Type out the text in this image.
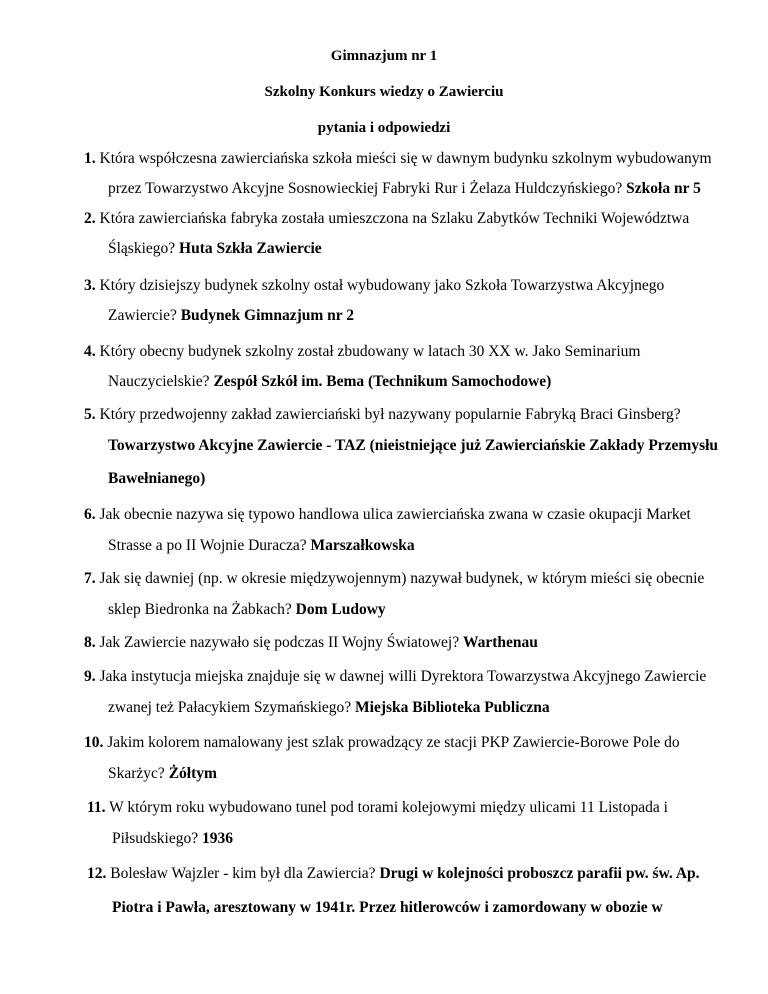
Gimnazjum nr 1
Szkolny Konkurs wiedzy o Zawierciu
pytania i odpowiedzi
1. Która współczesna zawierciańska szkoła mieści się w dawnym budynku szkolnym wybudowanym
przez Towarzystwo Akcyjne Sosnowieckiej Fabryki Rur i Żelaza Huldczyńskiego? Szkoła nr 5
2. Która zawierciańska fabryka została umieszczona na Szlaku Zabytków Techniki Województwa
Śląskiego? Huta Szkła Zawiercie
3. Który dzisiejszy budynek szkolny ostał wybudowany jako Szkoła Towarzystwa Akcyjnego
Zawiercie? Budynek Gimnazjum nr 2
4. Który obecny budynek szkolny został zbudowany w latach 30 XX w. Jako Seminarium
Nauczycielskie? Zespół Szkół im. Bema (Technikum Samochodowe)
5. Który przedwojenny zakład zawierciański był nazywany popularnie Fabryką Braci Ginsberg?
Towarzystwo Akcyjne Zawiercie - TAZ (nieistniejące już Zawierciańskie Zakłady Przemysłu
Bawełnianego)
6. Jak obecnie nazywa się typowo handlowa ulica zawierciańska zwana w czasie okupacji Market
Strasse a po II Wojnie Duracza? Marszałkowska
7. Jak się dawniej (np. w okresie międzywojennym) nazywał budynek, w którym mieści się obecnie
sklep Biedronka na Żabkach? Dom Ludowy
8. Jak Zawiercie nazywało się podczas II Wojny Światowej? Warthenau
9. Jaka instytucja miejska znajduje się w dawnej willi Dyrektora Towarzystwa Akcyjnego Zawiercie
zwanej też Pałacykiem Szymańskiego? Miejska Biblioteka Publiczna
10. Jakim kolorem namalowany jest szlak prowadzący ze stacji PKP Zawiercie-Borowe Pole do
Skarżyc? Żółtym
11. W którym roku wybudowano tunel pod torami kolejowymi między ulicami 11 Listopada i
Piłsudskiego? 1936
12. Bolesław Wajzler - kim był dla Zawiercia? Drugi w kolejności proboszcz parafii pw. św. Ap.
Piotra i Pawła, aresztowany w 1941r. Przez hitlerowców i zamordowany w obozie w
